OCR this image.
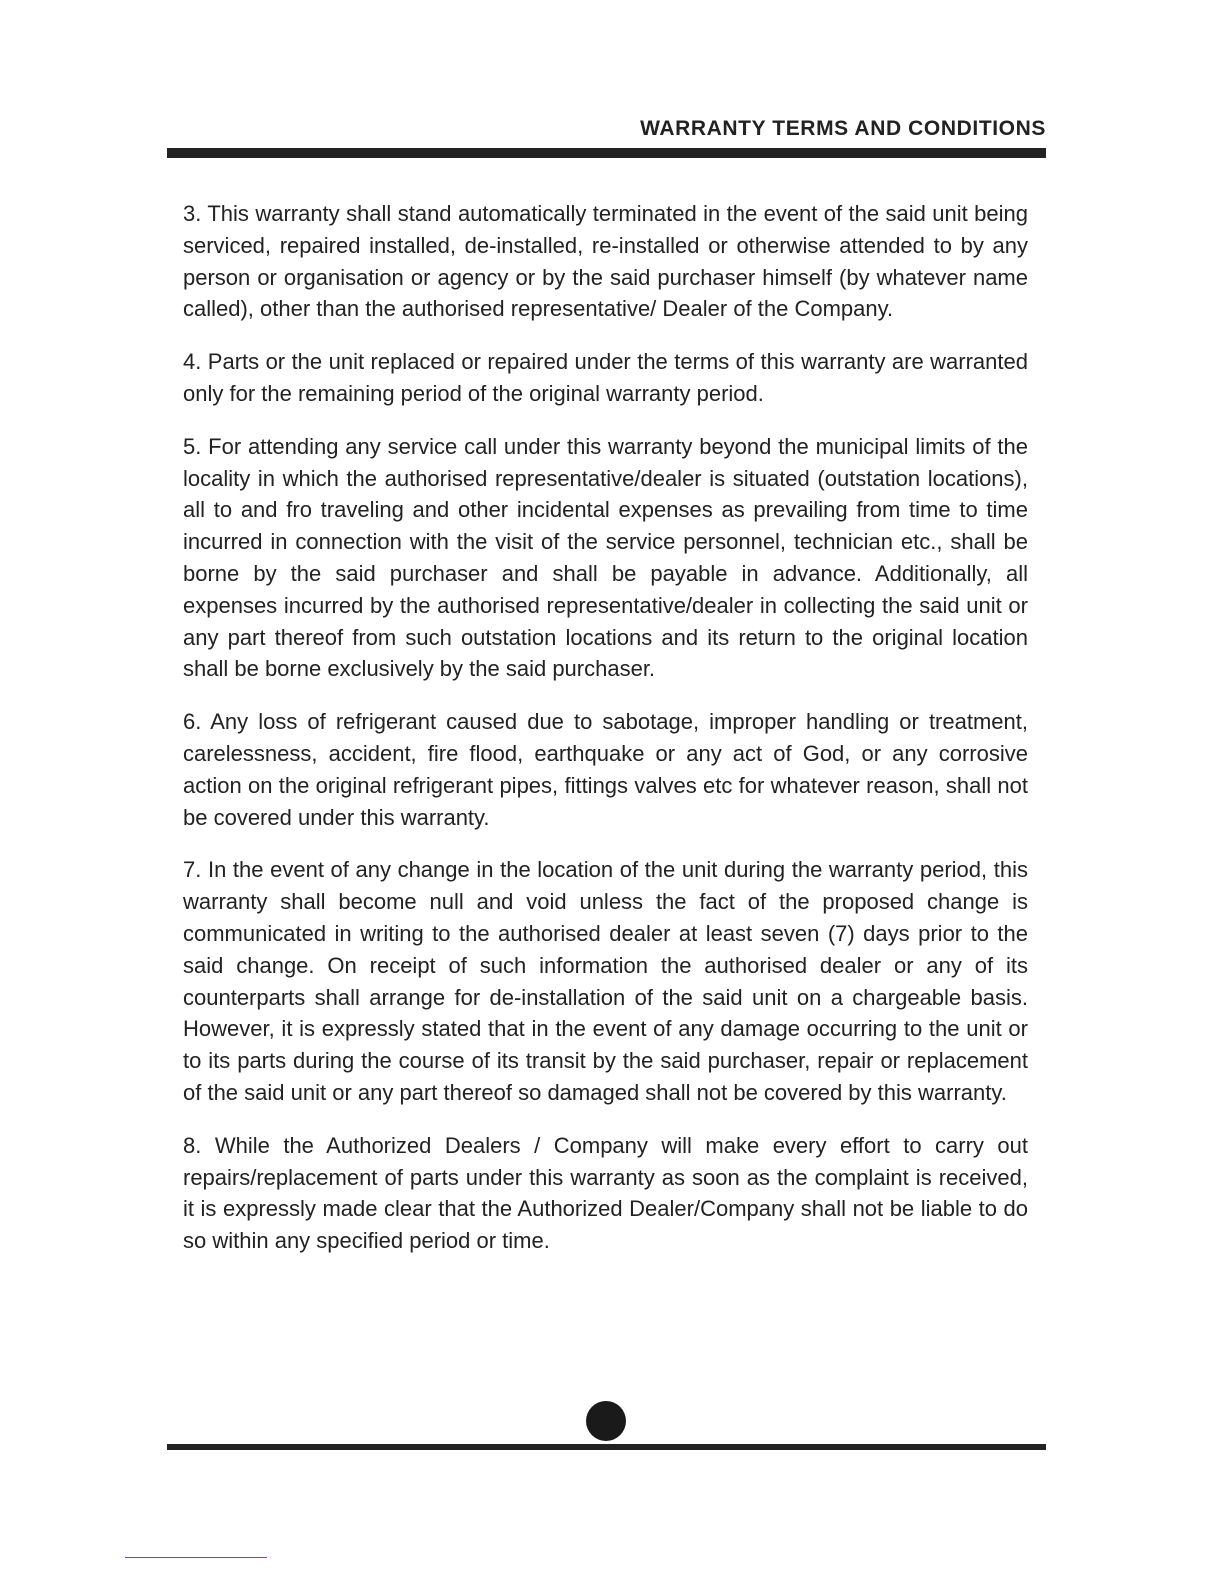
WARRANTY TERMS AND CONDITIONS

3. This warranty shall stand automatically terminated in the event of the said unit being serviced, repaired installed, de-installed, re-installed or otherwise attended to by any person or organisation or agency or by the said purchaser himself (by whatever name called), other than the authorised representative/ Dealer of the Company.

4. Parts or the unit replaced or repaired under the terms of this warranty are warranted only for the remaining period of the original warranty period.

5. For attending any service call under this warranty beyond the municipal limits of the locality in which the authorised representative/dealer is situated (outstation locations), all to and fro traveling and other incidental expenses as prevailing from time to time incurred in connection with the visit of the service personnel, technician etc., shall be borne by the said purchaser and shall be payable in advance. Additionally, all expenses incurred by the authorised representative/dealer in collecting the said unit or any part thereof from such outstation locations and its return to the original location shall be borne exclusively by the said purchaser.

6. Any loss of refrigerant caused due to sabotage, improper handling or treatment, carelessness, accident, fire flood, earthquake or any act of God, or any corrosive action on the original refrigerant pipes, fittings valves etc for whatever reason, shall not be covered under this warranty.

7. In the event of any change in the location of the unit during the warranty period, this warranty shall become null and void unless the fact of the proposed change is communicated in writing to the authorised dealer at least seven (7) days prior to the said change. On receipt of such information the authorised dealer or any of its counterparts shall arrange for de-installation of the said unit on a chargeable basis. However, it is expressly stated that in the event of any damage occurring to the unit or to its parts during the course of its transit by the said purchaser, repair or replacement of the said unit or any part thereof so damaged shall not be covered by this warranty.

8. While the Authorized Dealers / Company will make every effort to carry out repairs/replacement of parts under this warranty as soon as the complaint is received, it is expressly made clear that the Authorized Dealer/Company shall not be liable to do so within any specified period or time.
